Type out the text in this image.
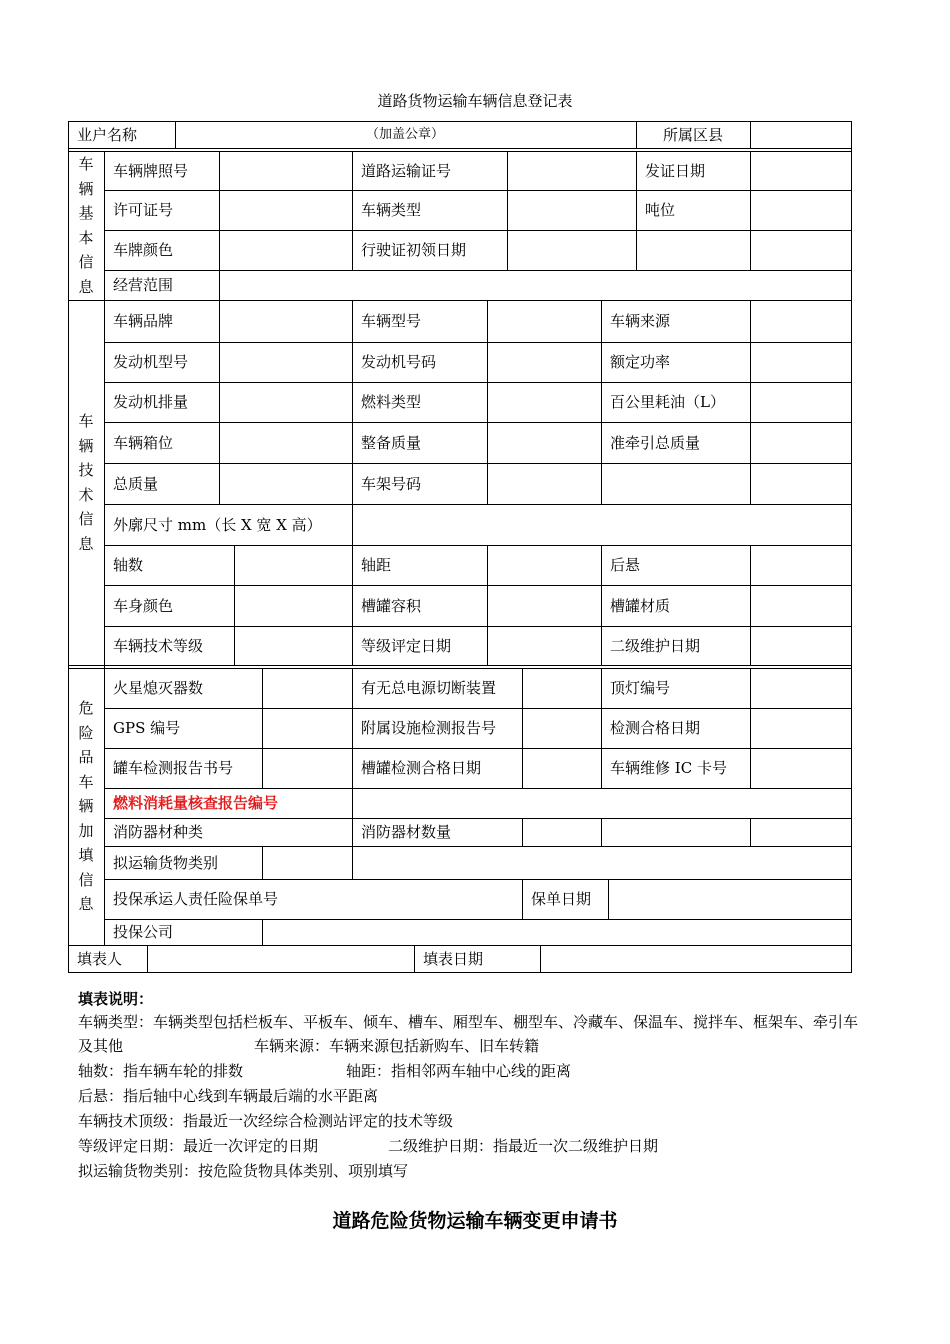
道路货物运输车辆信息登记表
业户名称	（加盖公章）	所属区县
车辆基本信息
车辆牌照号	道路运输证号	发证日期
许可证号	车辆类型	吨位
车牌颜色	行驶证初领日期
经营范围
车辆技术信息
车辆品牌	车辆型号	车辆来源
发动机型号	发动机号码	额定功率
发动机排量	燃料类型	百公里耗油（L）
车辆箱位	整备质量	准牵引总质量
总质量	车架号码
外廓尺寸 mm（长 X 宽 X 高）
轴数	轴距	后悬
车身颜色	槽罐容积	槽罐材质
车辆技术等级	等级评定日期	二级维护日期
危险品车辆加填信息
火星熄灭器数	有无总电源切断装置	顶灯编号
GPS 编号	附属设施检测报告号	检测合格日期
罐车检测报告书号	槽罐检测合格日期	车辆维修 IC 卡号
燃料消耗量核查报告编号
消防器材种类	消防器材数量
拟运输货物类别
投保承运人责任险保单号	保单日期
投保公司
填表人	填表日期
填表说明：
车辆类型：车辆类型包括栏板车、平板车、倾车、槽车、厢型车、棚型车、冷藏车、保温车、搅拌车、框架车、牵引车
及其他	车辆来源：车辆来源包括新购车、旧车转籍
轴数：指车辆车轮的排数	轴距：指相邻两车轴中心线的距离
后悬：指后轴中心线到车辆最后端的水平距离
车辆技术顶级：指最近一次经综合检测站评定的技术等级
等级评定日期：最近一次评定的日期	二级维护日期：指最近一次二级维护日期
拟运输货物类别：按危险货物具体类别、项别填写
道路危险货物运输车辆变更申请书
